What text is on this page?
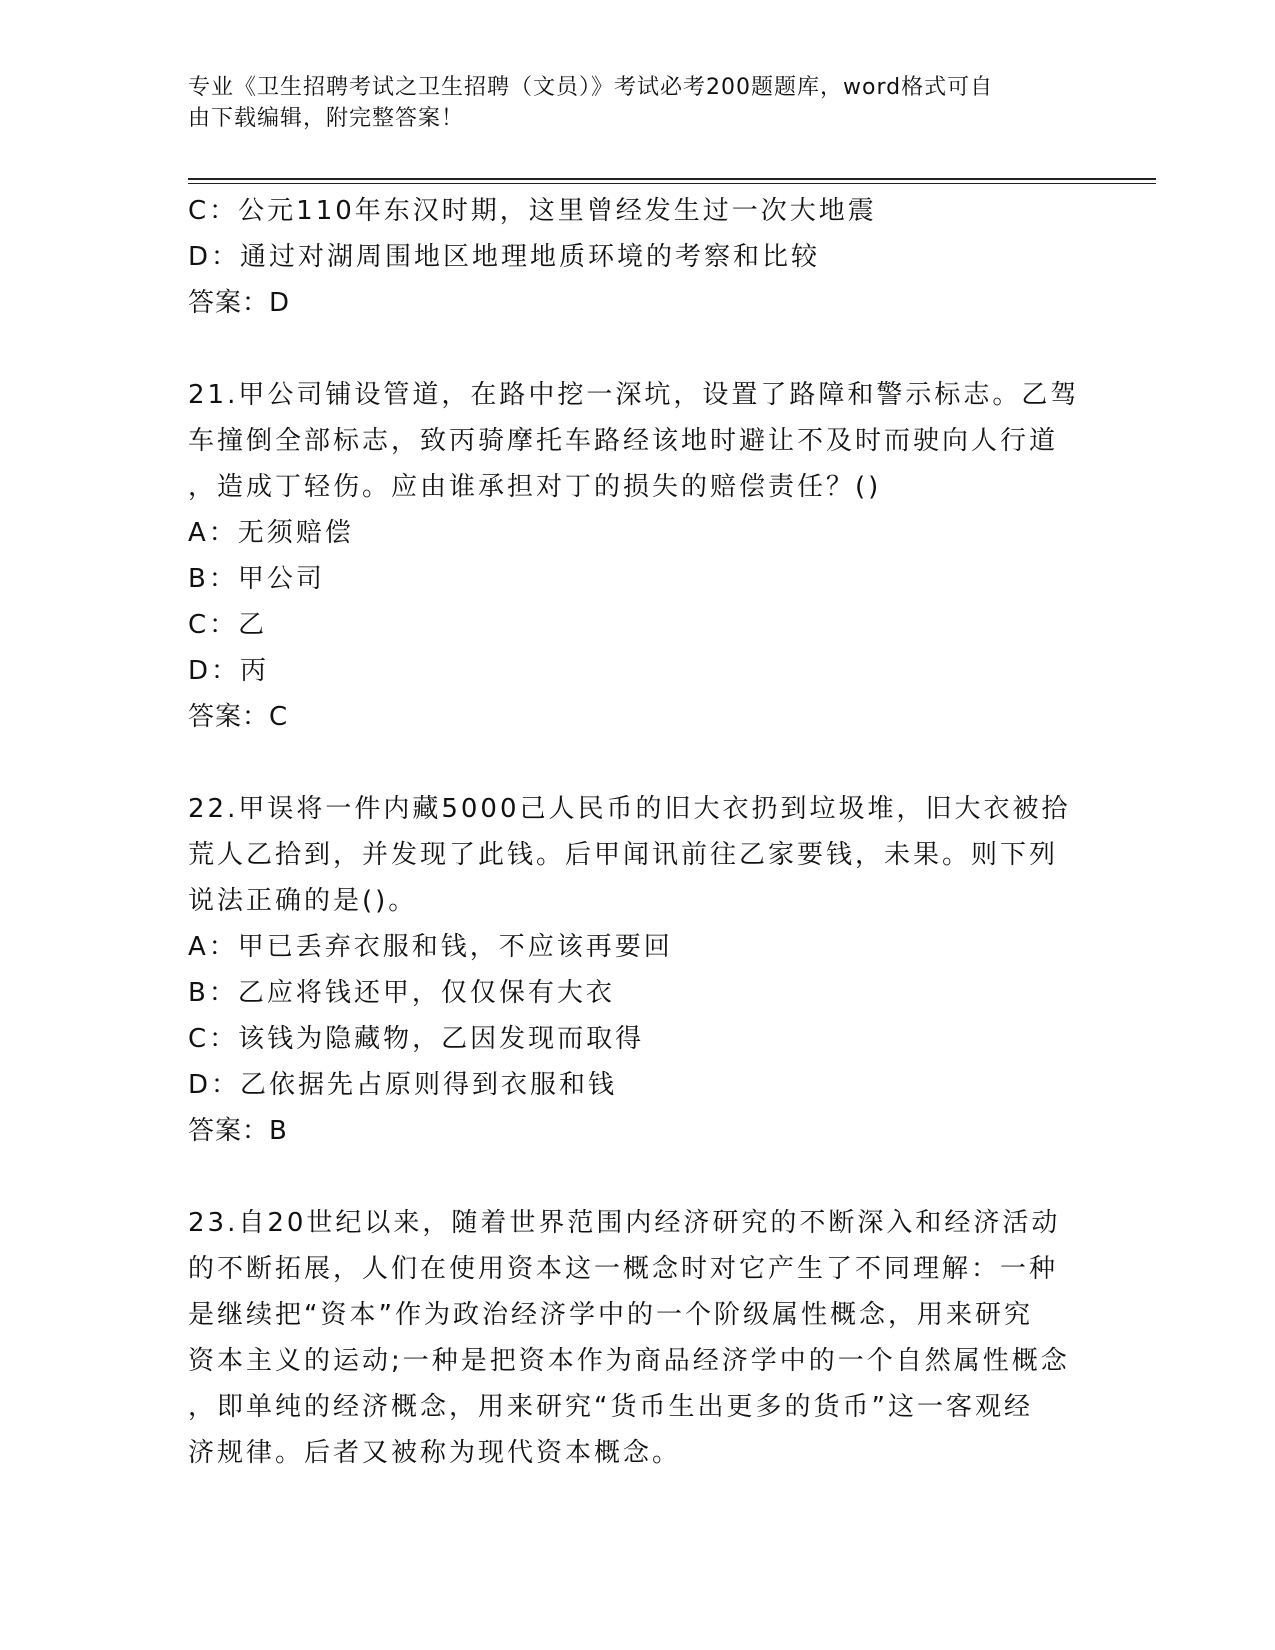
专业《卫生招聘考试之卫生招聘（文员）》考试必考200题题库，word格式可自
由下载编辑，附完整答案！
C：公元110年东汉时期，这里曾经发生过一次大地震
D：通过对湖周围地区地理地质环境的考察和比较
答案：D
21.甲公司铺设管道，在路中挖一深坑，设置了路障和警示标志。乙驾
车撞倒全部标志，致丙骑摩托车路经该地时避让不及时而驶向人行道
，造成丁轻伤。应由谁承担对丁的损失的赔偿责任？()
A：无须赔偿
B：甲公司
C：乙
D：丙
答案：C
22.甲误将一件内藏5000己人民币的旧大衣扔到垃圾堆，旧大衣被拾
荒人乙拾到，并发现了此钱。后甲闻讯前往乙家要钱，未果。则下列
说法正确的是()。
A：甲已丢弃衣服和钱，不应该再要回
B：乙应将钱还甲，仅仅保有大衣
C：该钱为隐藏物，乙因发现而取得
D：乙依据先占原则得到衣服和钱
答案：B
23.自20世纪以来，随着世界范围内经济研究的不断深入和经济活动
的不断拓展，人们在使用资本这一概念时对它产生了不同理解：一种
是继续把“资本”作为政治经济学中的一个阶级属性概念，用来研究
资本主义的运动;一种是把资本作为商品经济学中的一个自然属性概念
，即单纯的经济概念，用来研究“货币生出更多的货币”这一客观经
济规律。后者又被称为现代资本概念。
